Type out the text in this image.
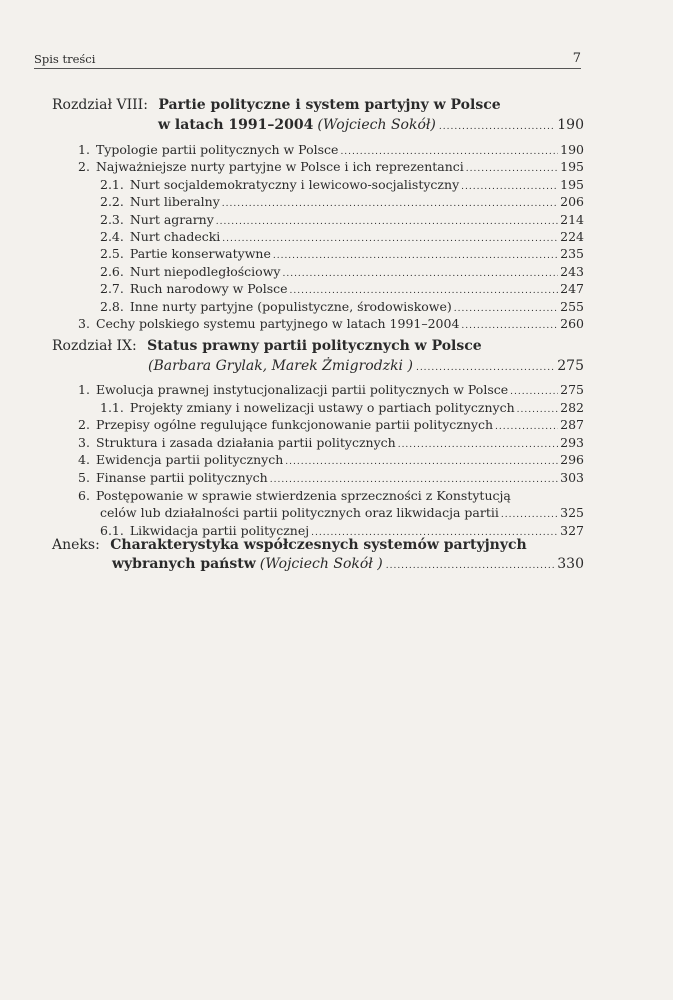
Spis treści	7
Rozdział VIII: Partie polityczne i system partyjny w Polsce
w latach 1991–2004 (Wojciech Sokół) .....	190
1. Typologie partii politycznych w Polsce .....	190
2. Najważniejsze nurty partyjne w Polsce i ich reprezentanci .....	195
2.1. Nurt socjaldemokratyczny i lewicowo-socjalistyczny .....	195
2.2. Nurt liberalny .....	206
2.3. Nurt agrarny .....	214
2.4. Nurt chadecki .....	224
2.5. Partie konserwatywne .....	235
2.6. Nurt niepodległościowy .....	243
2.7. Ruch narodowy w Polsce .....	247
2.8. Inne nurty partyjne (populistyczne, środowiskowe) .....	255
3. Cechy polskiego systemu partyjnego w latach 1991–2004 .....	260
Rozdział IX: Status prawny partii politycznych w Polsce
(Barbara Grylak, Marek Żmigrodzki ) .....	275
1. Ewolucja prawnej instytucjonalizacji partii politycznych w Polsce .....	275
1.1. Projekty zmiany i nowelizacji ustawy o partiach politycznych .....	282
2. Przepisy ogólne regulujące funkcjonowanie partii politycznych .....	287
3. Struktura i zasada działania partii politycznych .....	293
4. Ewidencja partii politycznych .....	296
5. Finanse partii politycznych .....	303
6. Postępowanie w sprawie stwierdzenia sprzeczności z Konstytucją
celów lub działalności partii politycznych oraz likwidacja partii .....	325
6.1. Likwidacja partii politycznej .....	327
Aneks: Charakterystyka współczesnych systemów partyjnych
wybranych państw (Wojciech Sokół ) .....	330
